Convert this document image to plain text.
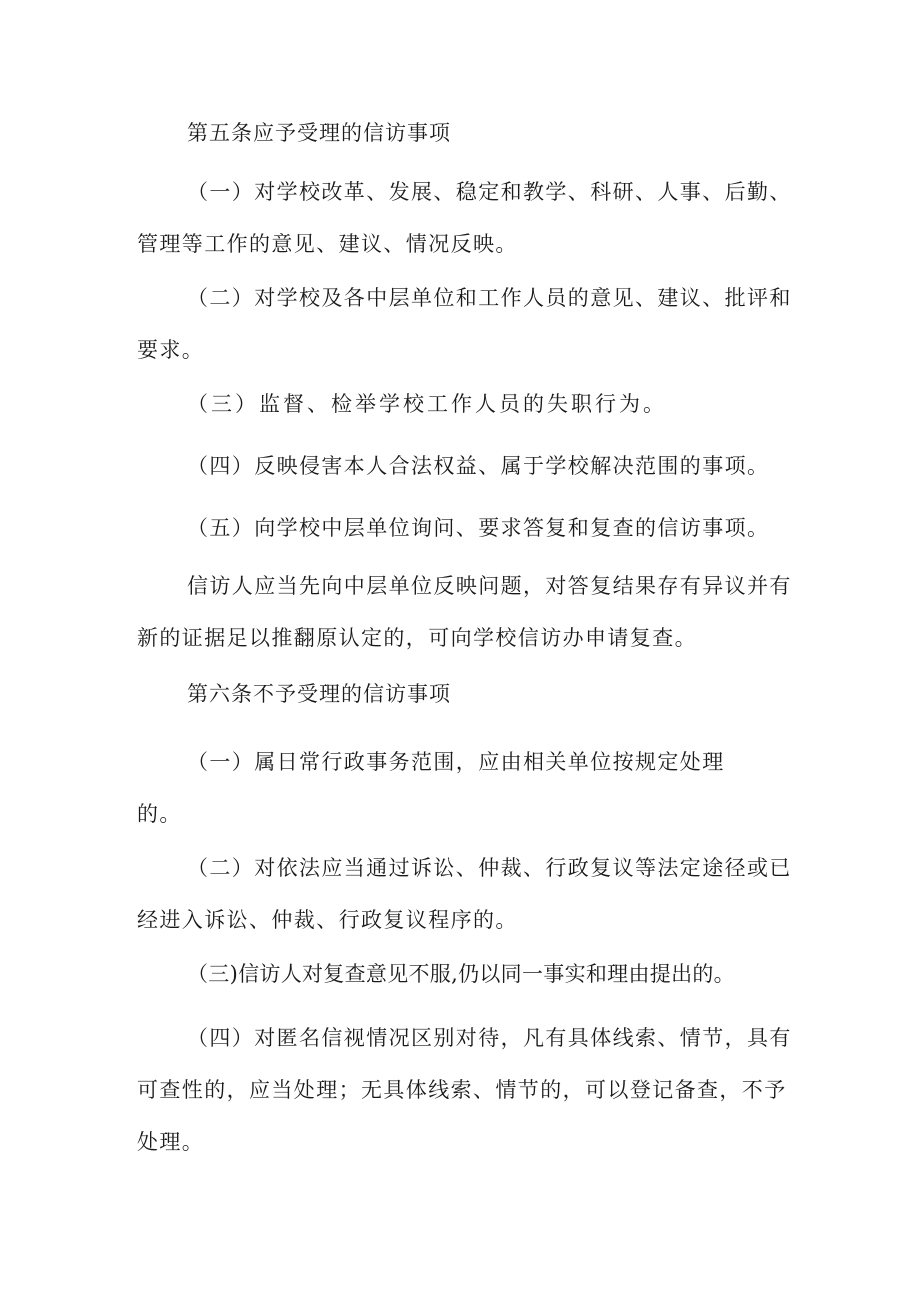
第五条应予受理的信访事项

（一）对学校改革、发展、稳定和教学、科研、人事、后勤、管理等工作的意见、建议、情况反映。

（二）对学校及各中层单位和工作人员的意见、建议、批评和要求。

（三）监督、检举学校工作人员的失职行为。

（四）反映侵害本人合法权益、属于学校解决范围的事项。

（五）向学校中层单位询问、要求答复和复查的信访事项。

信访人应当先向中层单位反映问题，对答复结果存有异议并有新的证据足以推翻原认定的，可向学校信访办申请复查。

第六条不予受理的信访事项

（一）属日常行政事务范围，应由相关单位按规定处理的。

（二）对依法应当通过诉讼、仲裁、行政复议等法定途径或已经进入诉讼、仲裁、行政复议程序的。

（三)信访人对复查意见不服,仍以同一事实和理由提出的。

（四）对匿名信视情况区别对待，凡有具体线索、情节，具有可查性的，应当处理；无具体线索、情节的，可以登记备查，不予处理。
